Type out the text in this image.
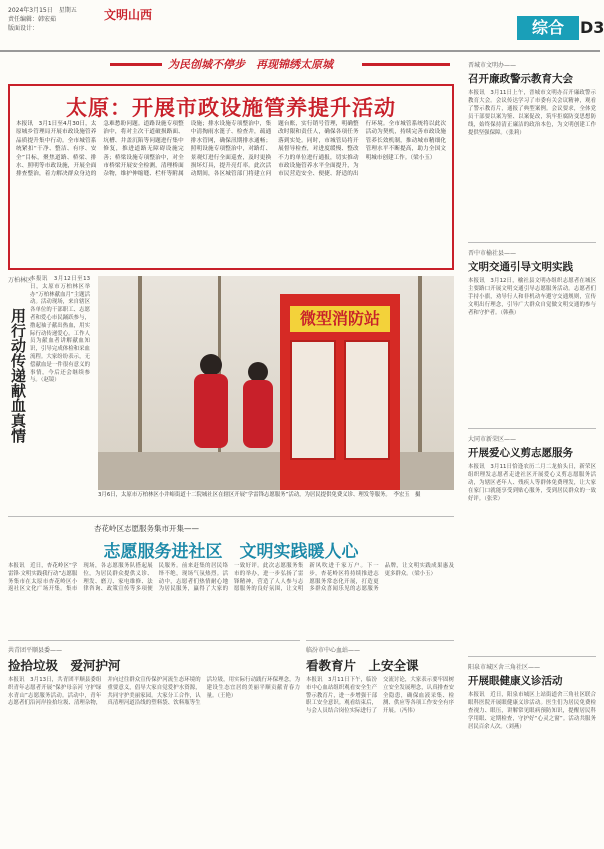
2024年3月15日　星期五
责任编辑：韩宏茹
版面设计：
文明山西
综合	D3
为民创城不停步　再现锦绣太原城
太原：开展市政设施管养提升活动
本报讯　3月1日至4月30日，太原城乡管理局开展市政设施管养品质提升集中行动。全市城管系统紧扣“干净、整洁、有序、安全”目标，聚焦道路、桥梁、排水、照明等市政设施，开展全面排查整治，着力解决群众身边的急难愁盼问题。道路设施专项整治中，将对主次干道破损路面、坑槽、井盖沉陷等问题进行集中修复，推进道路无障碍设施完善；桥梁设施专项整治中，对全市桥梁开展安全检测，清理桥面杂物，维护伸缩缝、栏杆等附属设施；排水设施专项整治中，集中清掏雨水篦子、检查井，疏通排水管网，确保汛期排水通畅；照明设施专项整治中，对路灯、景观灯进行全面巡查，及时更换损坏灯具，提升亮灯率。此次活动期间，各区城管部门将建立问题台账，实行销号管理，明确整改时限和责任人，确保各项任务落到实处。同时，市城管局将开展督导检查，对进度缓慢、整改不力的单位进行通报，切实推动市政设施管养水平全面提升，为市民营造安全、便捷、舒适的出行环境。全市城管系统将以此次活动为契机，持续完善市政设施管养长效机制，推动城市精细化管理水平不断提高，助力全国文明城市创建工作。（梁小玉）
万柏林区
用行动传递献血真情
本报讯　3月12日至13日，太原市万柏林区举办“万柏林献血月”主题活动。活动现场，来自辖区各单位的干部职工、志愿者和爱心市民踊跃参与，撸起袖子献出热血，用实际行动传递爱心。工作人员为献血者讲解献血知识，引导完成体检和采血流程。大家纷纷表示，无偿献血是一件很有意义的事情，今后还会继续参与。（赵镜）
微型消防站
3月6日，太原市万柏林区小井峪街道十二院城社区在辖区开展“学雷锋志愿服务”活动，为居民提供免费义诊、理发等服务。　李宏玉　摄
杏花岭区志愿服务集市开集——
志愿服务进社区　文明实践暖人心
本报讯　近日，杏花岭区“学雷锋·文明实践我行动”志愿服务集市在太原市杏花岭区小返社区文化广场开集。集市现场，各志愿服务队搭起展位，为居民群众提供义诊、理发、磨刀、家电维修、法律咨询、政策宣传等多项便民服务。前来赶集的居民络绎不绝，现场气氛热烈。活动中，志愿者们热情耐心地为居民服务，赢得了大家的一致好评。此次志愿服务集市的举办，进一步弘扬了雷锋精神，营造了人人参与志愿服务的良好氛围，让文明新风吹进千家万户。下一步，杏花岭区将持续推进志愿服务常态化开展，打造更多群众喜闻乐见的志愿服务品牌，让文明实践成果惠及更多群众。（梁小玉）
共青团平顺县委——
捡拾垃圾　爱河护河
本报讯　3月13日，共青团平顺县委组织青年志愿者开展“保护母亲河 守护绿水青山”志愿服务活动。活动中，青年志愿者们沿河岸捡拾垃圾、清理杂物，并向过往群众宣传保护河流生态环境的重要意义，倡导大家自觉爱护水资源，共同守护美丽家园。大家分工合作，认真清理河道沿线的塑料袋、饮料瓶等生活垃圾，用实际行动践行环保理念，为建设生态宜居的美丽平顺贡献青春力量。（王艳）
临汾市中心血站——
看教育片　上安全课
本报讯　3月11日下午，临汾市中心血站组织观看安全生产警示教育片，进一步增强干部职工安全意识。观看结束后，与会人员结合岗位实际进行了交流讨论，大家表示要牢固树立安全发展理念，认真排查安全隐患，确保血液采集、检测、供应等各项工作安全有序开展。（冯伟）
晋城市文明办——
召开廉政警示教育大会
本报讯　3月11日上午，晋城市文明办召开廉政警示教育大会。会议传达学习了市委有关会议精神，观看了警示教育片，通报了典型案例。会议要求，全体党员干部要以案为鉴、以案促改，筑牢拒腐防变思想防线，始终保持清正廉洁的政治本色，为文明创建工作提供坚强保障。（张莉）
晋中市榆社县——
文明交通引导文明实践
本报讯　3月12日，榆社县文明办组织志愿者在城区主要路口开展文明交通引导志愿服务活动。志愿者们手持小旗，劝导行人和非机动车遵守交通规则，宣传文明出行理念，引导广大群众自觉做文明交通的参与者和守护者。（韩燕）
大同市新荣区——
开展爱心义剪志愿服务
本报讯　3月11日恰逢农历二月二龙抬头日，新荣区组织理发志愿者走进社区开展爱心义剪志愿服务活动，为辖区老年人、残疾人等群体免费理发，让大家在家门口就能享受到贴心服务，受到居民群众的一致好评。（张荣）
阳泉市城区舍三角社区——
开展眼健康义诊活动
本报讯　近日，阳泉市城区上站街道舍三角社区联合眼科医院开展眼健康义诊活动。医生们为居民免费检查视力、眼压，讲解常见眼病预防知识，提醒居民科学用眼、定期检查，守护好“心灵之窗”。活动共服务居民百余人次。（刘燕）
